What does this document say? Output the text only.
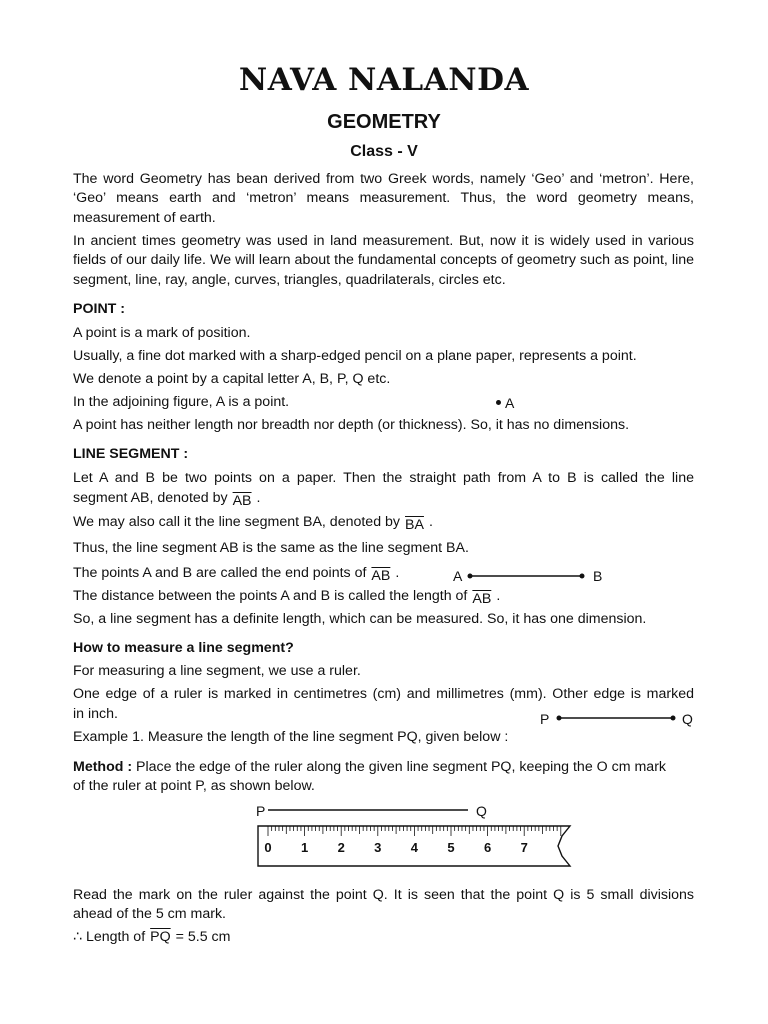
NAVA NALANDA
GEOMETRY
Class - V

The word Geometry has bean derived from two Greek words, namely ‘Geo’ and ‘metron’. Here, ‘Geo’ means earth and ‘metron’ means measurement. Thus, the word geometry means, measurement of earth.

In ancient times geometry was used in land measurement. But, now it is widely used in various fields of our daily life. We will learn about the fundamental concepts of geometry such as point, line segment, line, ray, angle, curves, triangles, quadrilaterals, circles etc.

POINT :

A point is a mark of position.

Usually, a fine dot marked with a sharp-edged pencil on a plane paper, represents a point.

We denote a point by a capital letter A, B, P, Q etc.

In the adjoining figure, A is a point.	A

A point has neither length nor breadth nor depth (or thickness). So, it has no dimensions.

LINE SEGMENT :

Let A and B be two points on a paper. Then the straight path from A to B is called the line

segment AB, denoted by $\overline{AB}$ .

We may also call it the line segment BA, denoted by $\overline{BA}$ .

Thus, the line segment AB is the same as the line segment BA.

The points A and B are called the end points of $\overline{AB}$ .	A	B

The distance between the points A and B is called the length of $\overline{AB}$ .

So, a line segment has a definite length, which can be measured. So, it has one dimension.

How to measure a line segment?

For measuring a line segment, we use a ruler.

One edge of a ruler is marked in centimetres (cm) and millimetres (mm). Other edge is marked

in inch.	P	Q

Example 1. Measure the length of the line segment PQ, given below :

Method : Place the edge of the ruler along the given line segment PQ, keeping the O cm mark

of the ruler at point P, as shown below.

P	Q
0 1 2 3 4 5 6 7

Read the mark on the ruler against the point Q. It is seen that the point Q is 5 small divisions

ahead of the 5 cm mark.

∴ Length of $\overline{PQ} = 5.5$ cm
